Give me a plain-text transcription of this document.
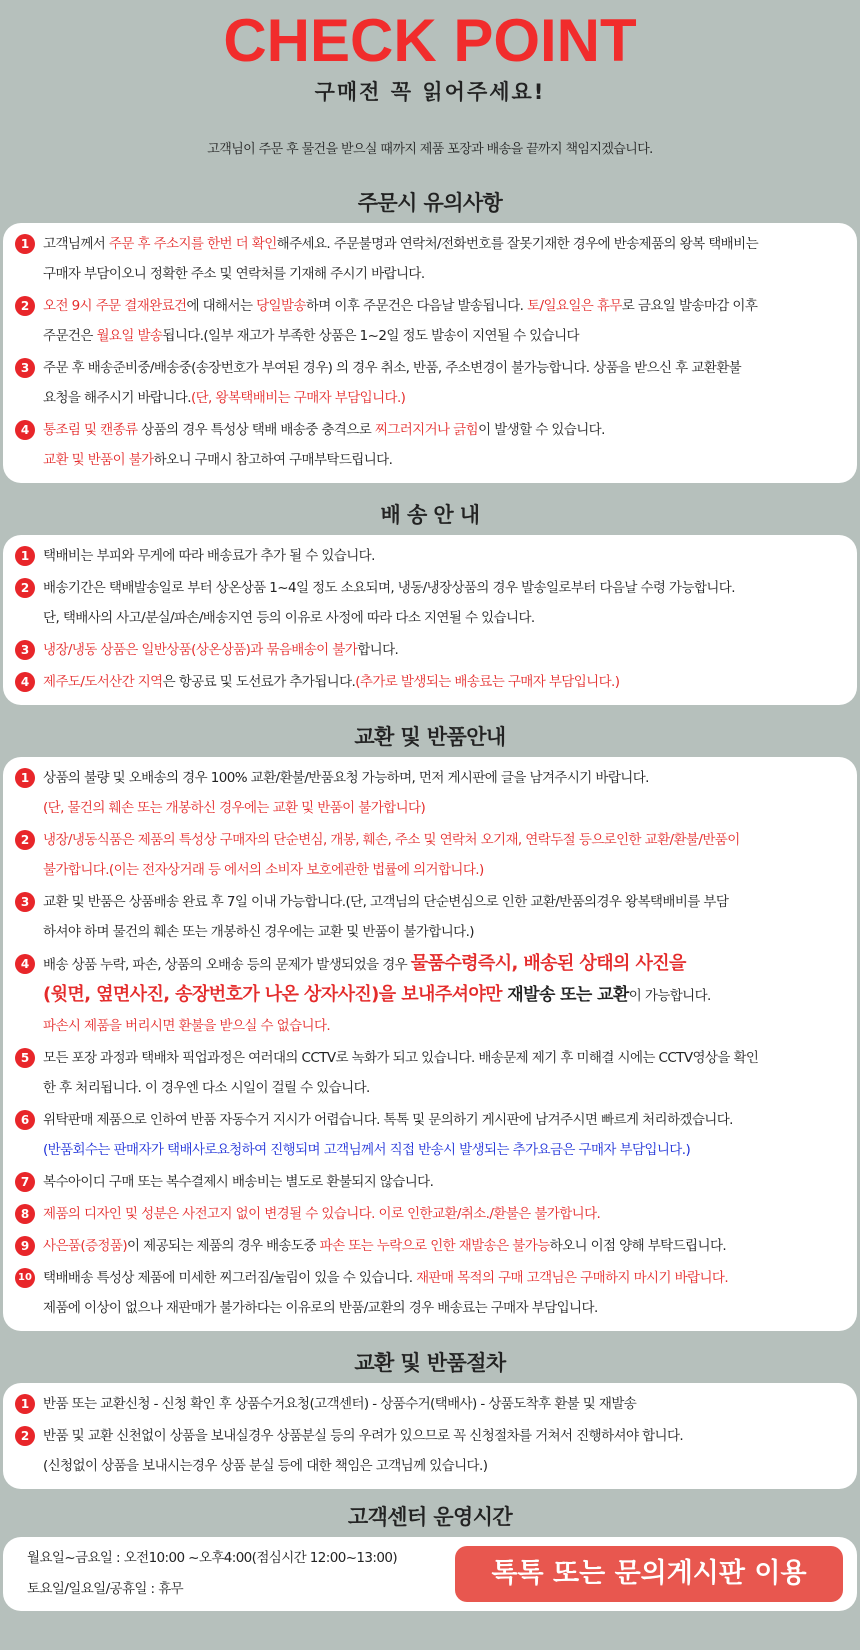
CHECK POINT
구매전 꼭 읽어주세요!
고객님이 주문 후 물건을 받으실 때까지 제품 포장과 배송을 끝까지 책임지겠습니다.
주문시 유의사항
1	고객님께서 주문 후 주소지를 한번 더 확인해주세요. 주문불명과 연락처/전화번호를 잘못기재한 경우에 반송제품의 왕복 택배비는
구매자 부담이오니 정확한 주소 및 연락처를 기재해 주시기 바랍니다.
2	오전 9시 주문 결재완료건에 대해서는 당일발송하며 이후 주문건은 다음날 발송됩니다. 토/일요일은 휴무로 금요일 발송마감 이후
주문건은 월요일 발송됩니다.(일부 재고가 부족한 상품은 1~2일 정도 발송이 지연될 수 있습니다
3	주문 후 배송준비중/배송중(송장번호가 부여된 경우) 의 경우 취소, 반품, 주소변경이 불가능합니다. 상품을 받으신 후 교환환불
요청을 해주시기 바랍니다.(단, 왕복택배비는 구매자 부담입니다.)
4	통조림 및 캔종류 상품의 경우 특성상 택배 배송중 충격으로 찌그러지거나 긁힘이 발생할 수 있습니다.
교환 및 반품이 불가하오니 구매시 참고하여 구매부탁드립니다.
배 송 안 내
1	택배비는 부피와 무게에 따라 배송료가 추가 될 수 있습니다.
2	배송기간은 택배발송일로 부터 상온상품 1~4일 정도 소요되며, 냉동/냉장상품의 경우 발송일로부터 다음날 수령 가능합니다.
단, 택배사의 사고/분실/파손/배송지연 등의 이유로 사정에 따라 다소 지연될 수 있습니다.
3	냉장/냉동 상품은 일반상품(상온상품)과 묶음배송이 불가합니다.
4	제주도/도서산간 지역은 항공료 및 도선료가 추가됩니다.(추가로 발생되는 배송료는 구매자 부담입니다.)
교환 및 반품안내
1	상품의 불량 및 오배송의 경우 100% 교환/환불/반품요청 가능하며, 먼저 게시판에 글을 남겨주시기 바랍니다.
(단, 물건의 훼손 또는 개봉하신 경우에는 교환 및 반품이 불가합니다)
2	냉장/냉동식품은 제품의 특성상 구매자의 단순변심, 개봉, 훼손, 주소 및 연락처 오기재, 연락두절 등으로인한 교환/환불/반품이
불가합니다.(이는 전자상거래 등 에서의 소비자 보호에관한 법률에 의거합니다.)
3	교환 및 반품은 상품배송 완료 후 7일 이내 가능합니다.(단, 고객님의 단순변심으로 인한 교환/반품의경우 왕복택배비를 부담
하셔야 하며 물건의 훼손 또는 개봉하신 경우에는 교환 및 반품이 불가합니다.)
4	배송 상품 누락, 파손, 상품의 오배송 등의 문제가 발생되었을 경우 물품수령즉시, 배송된 상태의 사진을
(윗면, 옆면사진, 송장번호가 나온 상자사진)을 보내주셔야만 재발송 또는 교환이 가능합니다.
파손시 제품을 버리시면 환불을 받으실 수 없습니다.
5	모든 포장 과정과 택배차 픽업과정은 여러대의 CCTV로 녹화가 되고 있습니다. 배송문제 제기 후 미해결 시에는 CCTV영상을 확인
한 후 처리됩니다. 이 경우엔 다소 시일이 걸릴 수 있습니다.
6	위탁판매 제품으로 인하여 반품 자동수거 지시가 어렵습니다. 톡톡 및 문의하기 게시판에 남겨주시면 빠르게 처리하겠습니다.
(반품회수는 판매자가 택배사로요청하여 진행되며 고객님께서 직접 반송시 발생되는 추가요금은 구매자 부담입니다.)
7	복수아이디 구매 또는 복수결제시 배송비는 별도로 환불되지 않습니다.
8	제품의 디자인 및 성분은 사전고지 없이 변경될 수 있습니다. 이로 인한교환/취소./환불은 불가합니다.
9	사은품(증정품)이 제공되는 제품의 경우 배송도중 파손 또는 누락으로 인한 재발송은 불가능하오니 이점 양해 부탁드립니다.
10 택배배송 특성상 제품에 미세한 찌그러짐/눌림이 있을 수 있습니다. 재판매 목적의 구매 고객님은 구매하지 마시기 바랍니다.
제품에 이상이 없으나 재판매가 불가하다는 이유로의 반품/교환의 경우 배송료는 구매자 부담입니다.
교환 및 반품절차
1	반품 또는 교환신청 - 신청 확인 후 상품수거요청(고객센터) - 상품수거(택배사) - 상품도착후 환불 및 재발송
2	반품 및 교환 신천없이 상품을 보내실경우 상품분실 등의 우려가 있으므로 꼭 신청절차를 거쳐서 진행하셔야 합니다.
(신청없이 상품을 보내시는경우 상품 분실 등에 대한 책임은 고객님께 있습니다.)
고객센터 운영시간
월요일~금요일 : 오전10:00 ~오후4:00(점심시간 12:00~13:00)
토요일/일요일/공휴일 : 휴무	톡톡 또는 문의게시판 이용
